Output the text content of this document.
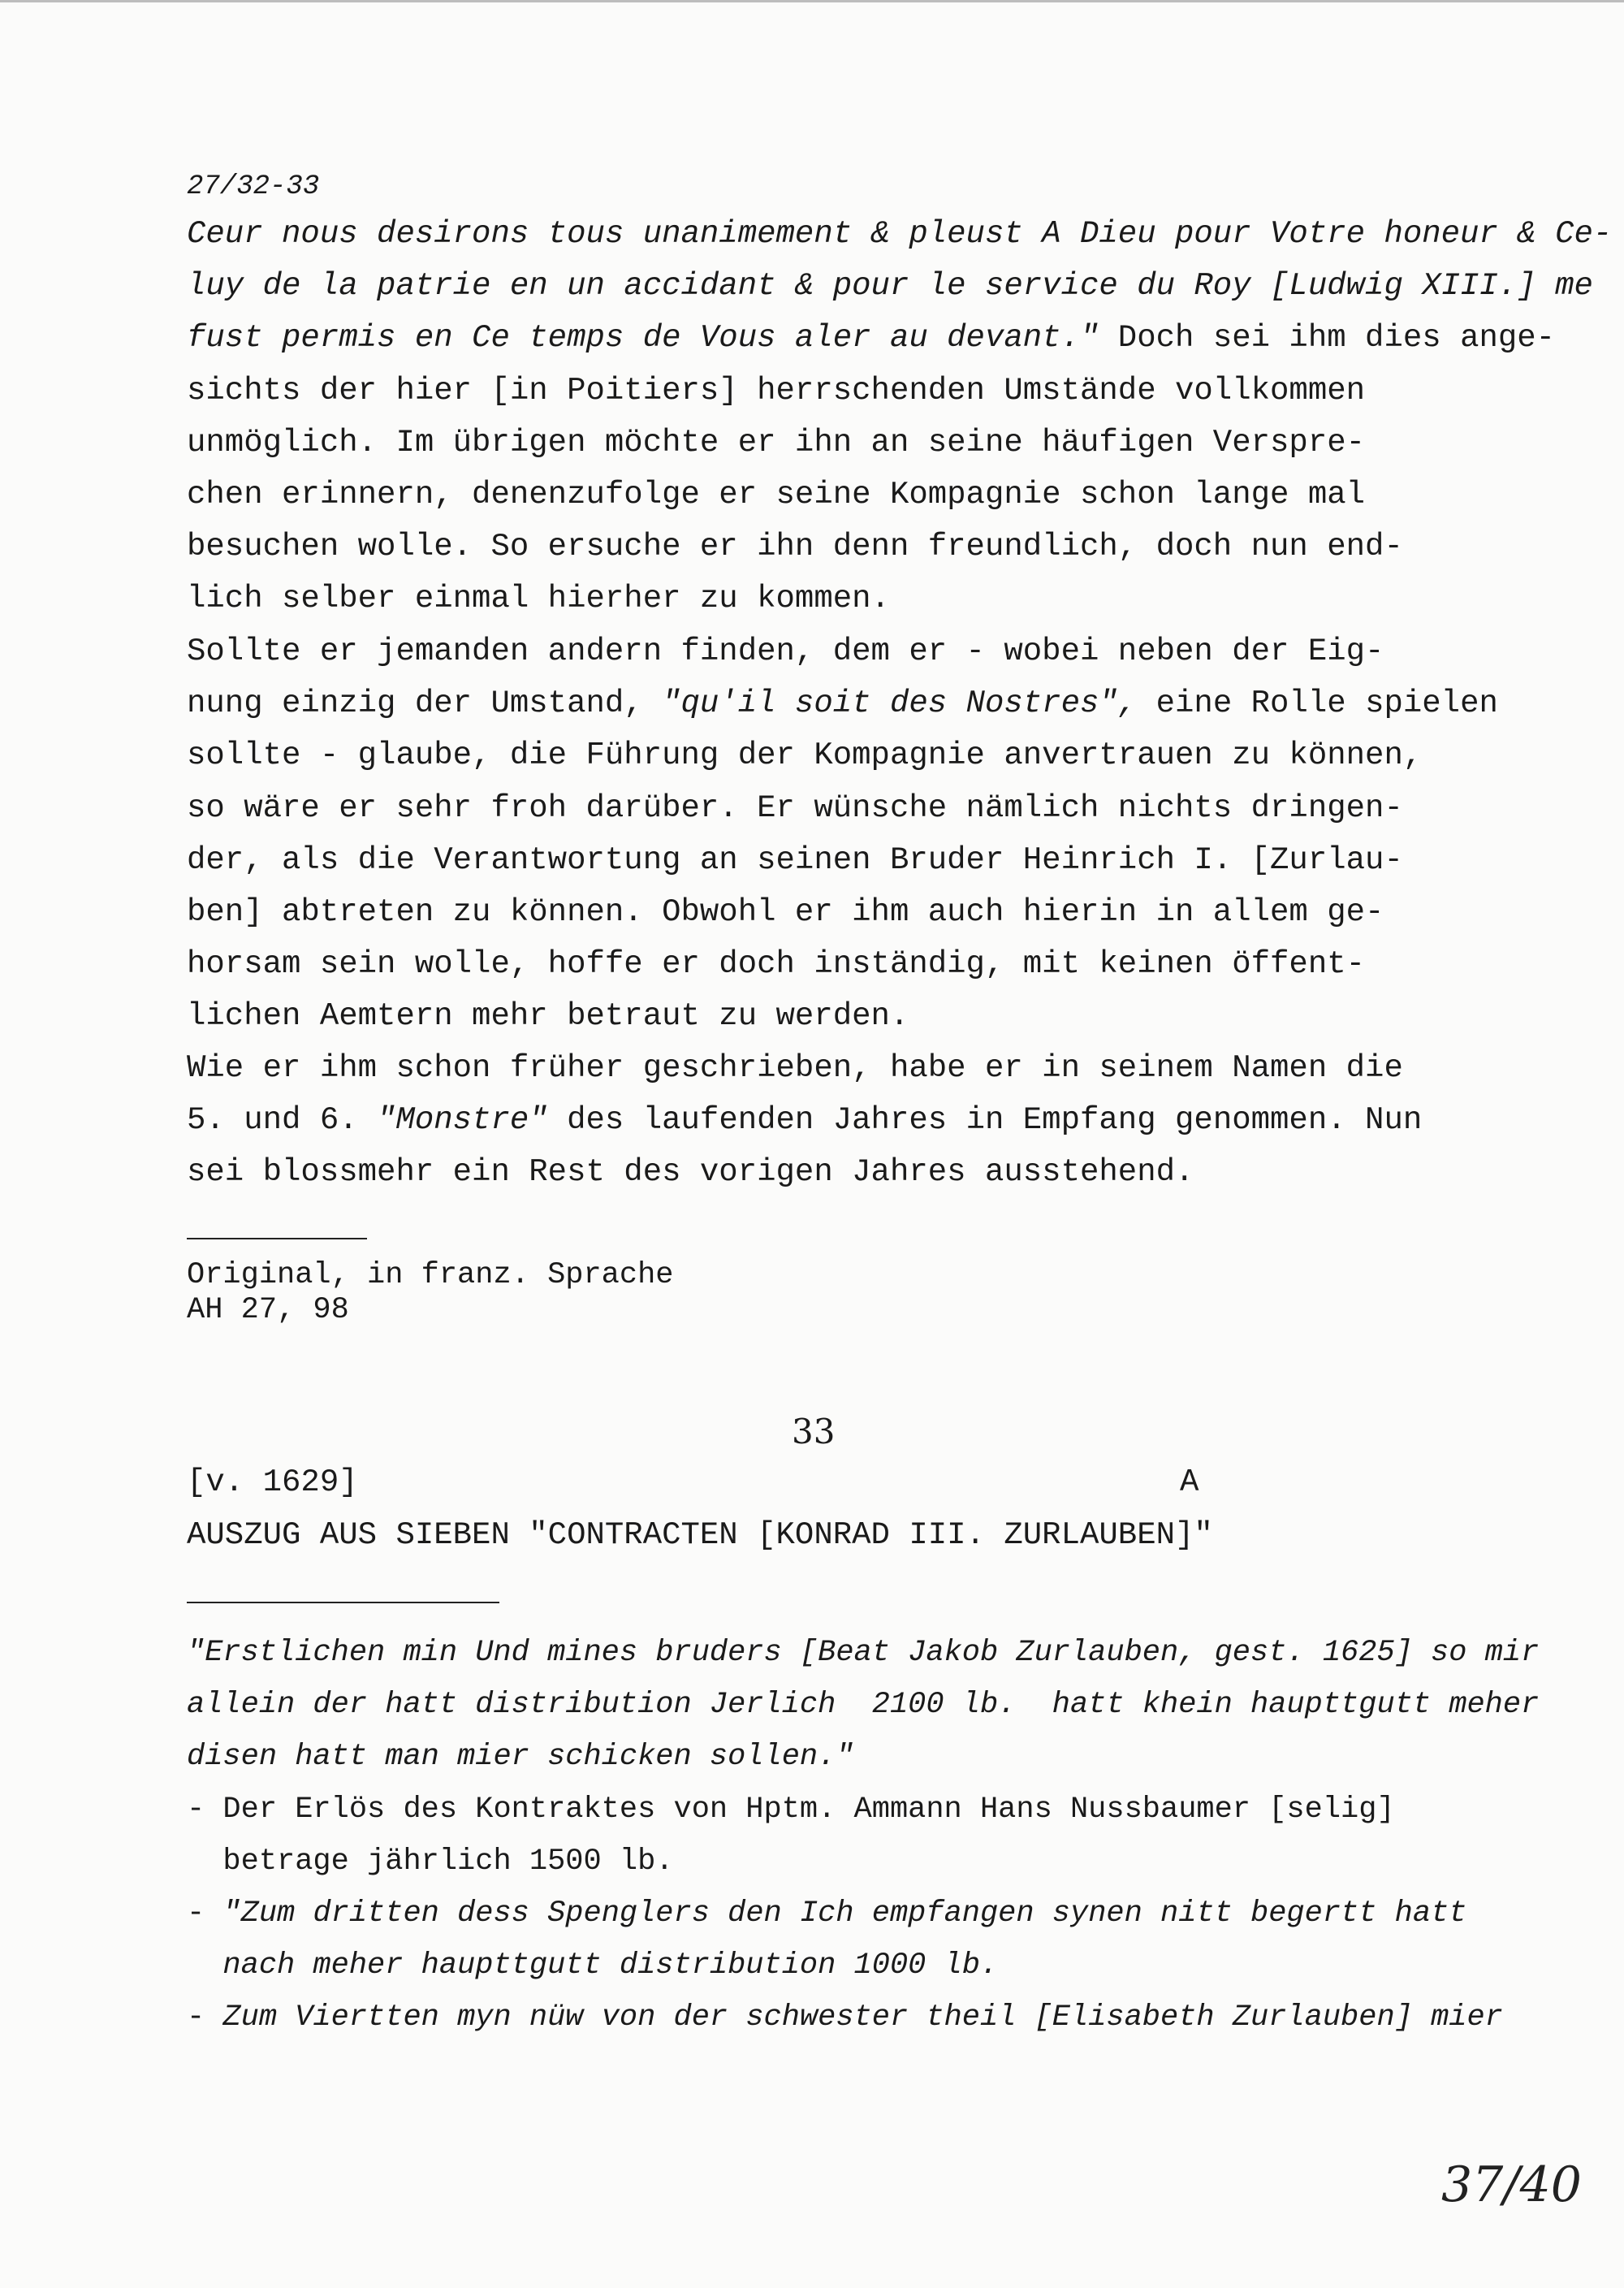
27/32-33
Ceur nous desirons tous unanimement & pleust A Dieu pour Votre honeur & Ce-
luy de la patrie en un accidant & pour le service du Roy [Ludwig XIII.] me
fust permis en Ce temps de Vous aler au devant." Doch sei ihm dies ange-
sichts der hier [in Poitiers] herrschenden Umstände vollkommen
unmöglich. Im übrigen möchte er ihn an seine häufigen Verspre-
chen erinnern, denenzufolge er seine Kompagnie schon lange mal
besuchen wolle. So ersuche er ihn denn freundlich, doch nun end-
lich selber einmal hierher zu kommen.
Sollte er jemanden andern finden, dem er - wobei neben der Eig-
nung einzig der Umstand, "qu'il soit des Nostres", eine Rolle spielen
sollte - glaube, die Führung der Kompagnie anvertrauen zu können,
so wäre er sehr froh darüber. Er wünsche nämlich nichts dringen-
der, als die Verantwortung an seinen Bruder Heinrich I. [Zurlau-
ben] abtreten zu können. Obwohl er ihm auch hierin in allem ge-
horsam sein wolle, hoffe er doch inständig, mit keinen öffent-
lichen Aemtern mehr betraut zu werden.
Wie er ihm schon früher geschrieben, habe er in seinem Namen die
5. und 6. "Monstre" des laufenden Jahres in Empfang genommen. Nun
sei blossmehr ein Rest des vorigen Jahres ausstehend.
Original, in franz. Sprache
AH 27, 98
33
[v. 1629]	A
AUSZUG AUS SIEBEN "CONTRACTEN [KONRAD III. ZURLAUBEN]"
"Erstlichen min Und mines bruders [Beat Jakob Zurlauben, gest. 1625] so mir
allein der hatt distribution Jerlich  2100 lb.  hatt khein haupttgutt meher
disen hatt man mier schicken sollen."
- Der Erlös des Kontraktes von Hptm. Ammann Hans Nussbaumer [selig]
betrage jährlich 1500 lb.
- "Zum dritten dess Spenglers den Ich empfangen synen nitt begertt hatt
nach meher haupttgutt distribution 1000 lb.
- Zum Viertten myn nüw von der schwester theil [Elisabeth Zurlauben] mier
37/40
